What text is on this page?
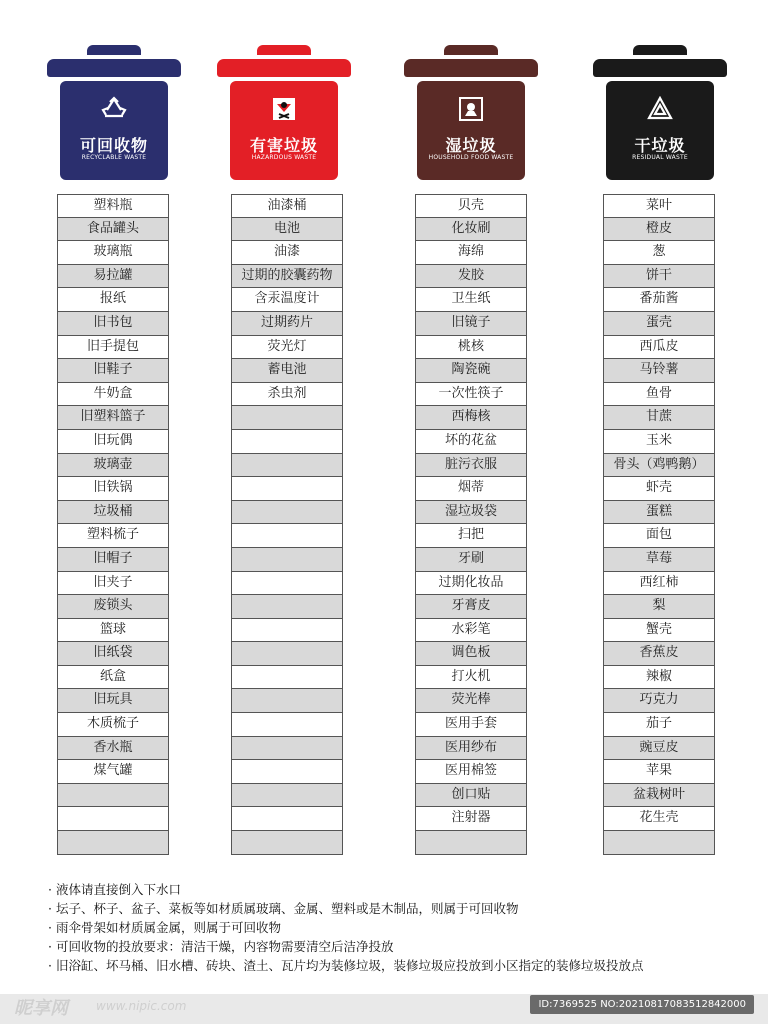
可回收物
RECYCLABLE WASTE
有害垃圾
HAZARDOUS WASTE
湿垃圾
HOUSEHOLD FOOD WASTE
干垃圾
RESIDUAL WASTE
塑料瓶
食品罐头
玻璃瓶
易拉罐
报纸
旧书包
旧手提包
旧鞋子
牛奶盒
旧塑料篮子
旧玩偶
玻璃壶
旧铁锅
垃圾桶
塑料梳子
旧帽子
旧夹子
废锁头
篮球
旧纸袋
纸盒
旧玩具
木质梳子
香水瓶
煤气罐
油漆桶
电池
油漆
过期的胶囊药物
含汞温度计
过期药片
荧光灯
蓄电池
杀虫剂
贝壳
化妆刷
海绵
发胶
卫生纸
旧镜子
桃核
陶瓷碗
一次性筷子
西梅核
坏的花盆
脏污衣服
烟蒂
湿垃圾袋
扫把
牙刷
过期化妆品
牙膏皮
水彩笔
调色板
打火机
荧光棒
医用手套
医用纱布
医用棉签
创口贴
注射器
菜叶
橙皮
葱
饼干
番茄酱
蛋壳
西瓜皮
马铃薯
鱼骨
甘蔗
玉米
骨头（鸡鸭鹅）
虾壳
蛋糕
面包
草莓
西红柿
梨
蟹壳
香蕉皮
辣椒
巧克力
茄子
豌豆皮
苹果
盆栽树叶
花生壳
· 液体请直接倒入下水口
· 坛子、杯子、盆子、菜板等如材质属玻璃、金属、塑料或是木制品，则属于可回收物
· 雨伞骨架如材质属金属，则属于可回收物
· 可回收物的投放要求：清洁干燥，内容物需要清空后洁净投放
· 旧浴缸、坏马桶、旧水槽、砖块、渣土、瓦片均为装修垃圾，装修垃圾应投放到小区指定的装修垃圾投放点
昵享网 www.nipic.com	ID:7369525 NO:20210817083512842000
